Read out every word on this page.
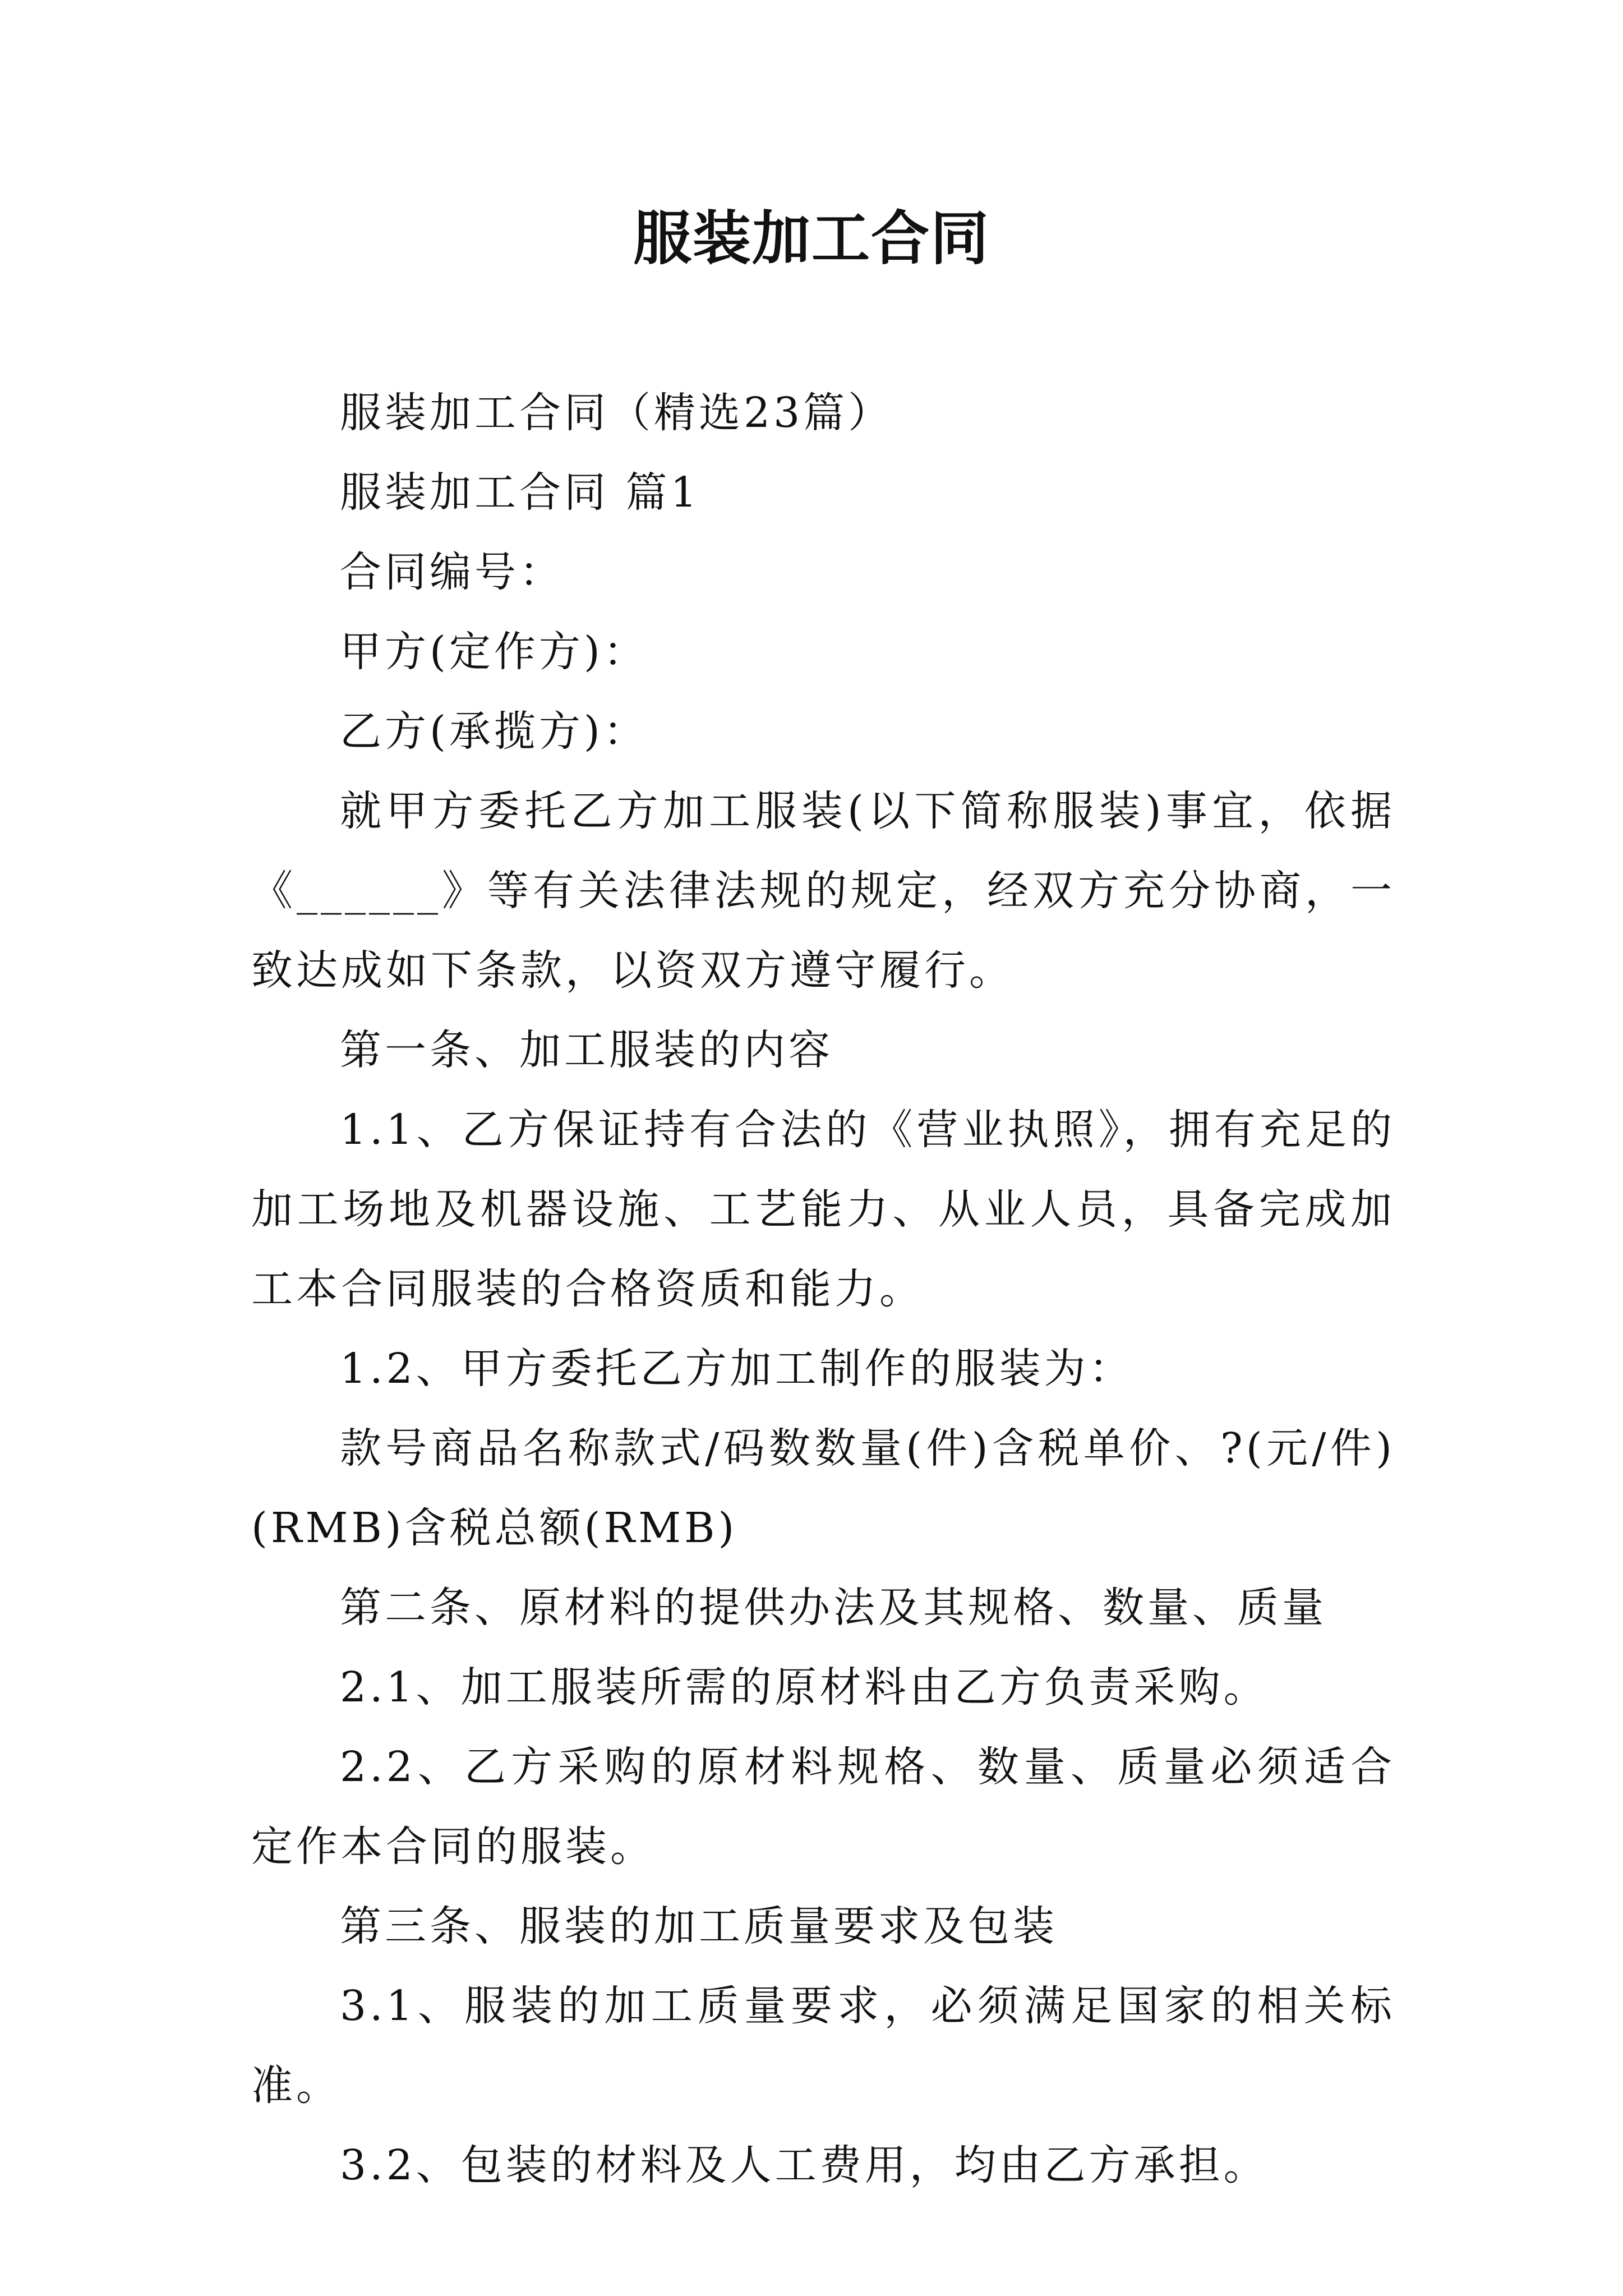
服装加工合同

服装加工合同（精选23篇）

服装加工合同 篇1

合同编号：

甲方(定作方)：

乙方(承揽方)：

就甲方委托乙方加工服装(以下简称服装)事宜，依据《______》等有关法律法规的规定，经双方充分协商，一致达成如下条款，以资双方遵守履行。

第一条、加工服装的内容

1.1、乙方保证持有合法的《营业执照》，拥有充足的加工场地及机器设施、工艺能力、从业人员，具备完成加工本合同服装的合格资质和能力。

1.2、甲方委托乙方加工制作的服装为：

款号商品名称款式/码数数量(件)含税单价、?(元/件)(RMB)含税总额(RMB)

第二条、原材料的提供办法及其规格、数量、质量

2.1、加工服装所需的原材料由乙方负责采购。

2.2、乙方采购的原材料规格、数量、质量必须适合定作本合同的服装。

第三条、服装的加工质量要求及包装

3.1、服装的加工质量要求，必须满足国家的相关标准。

3.2、包装的材料及人工费用，均由乙方承担。
